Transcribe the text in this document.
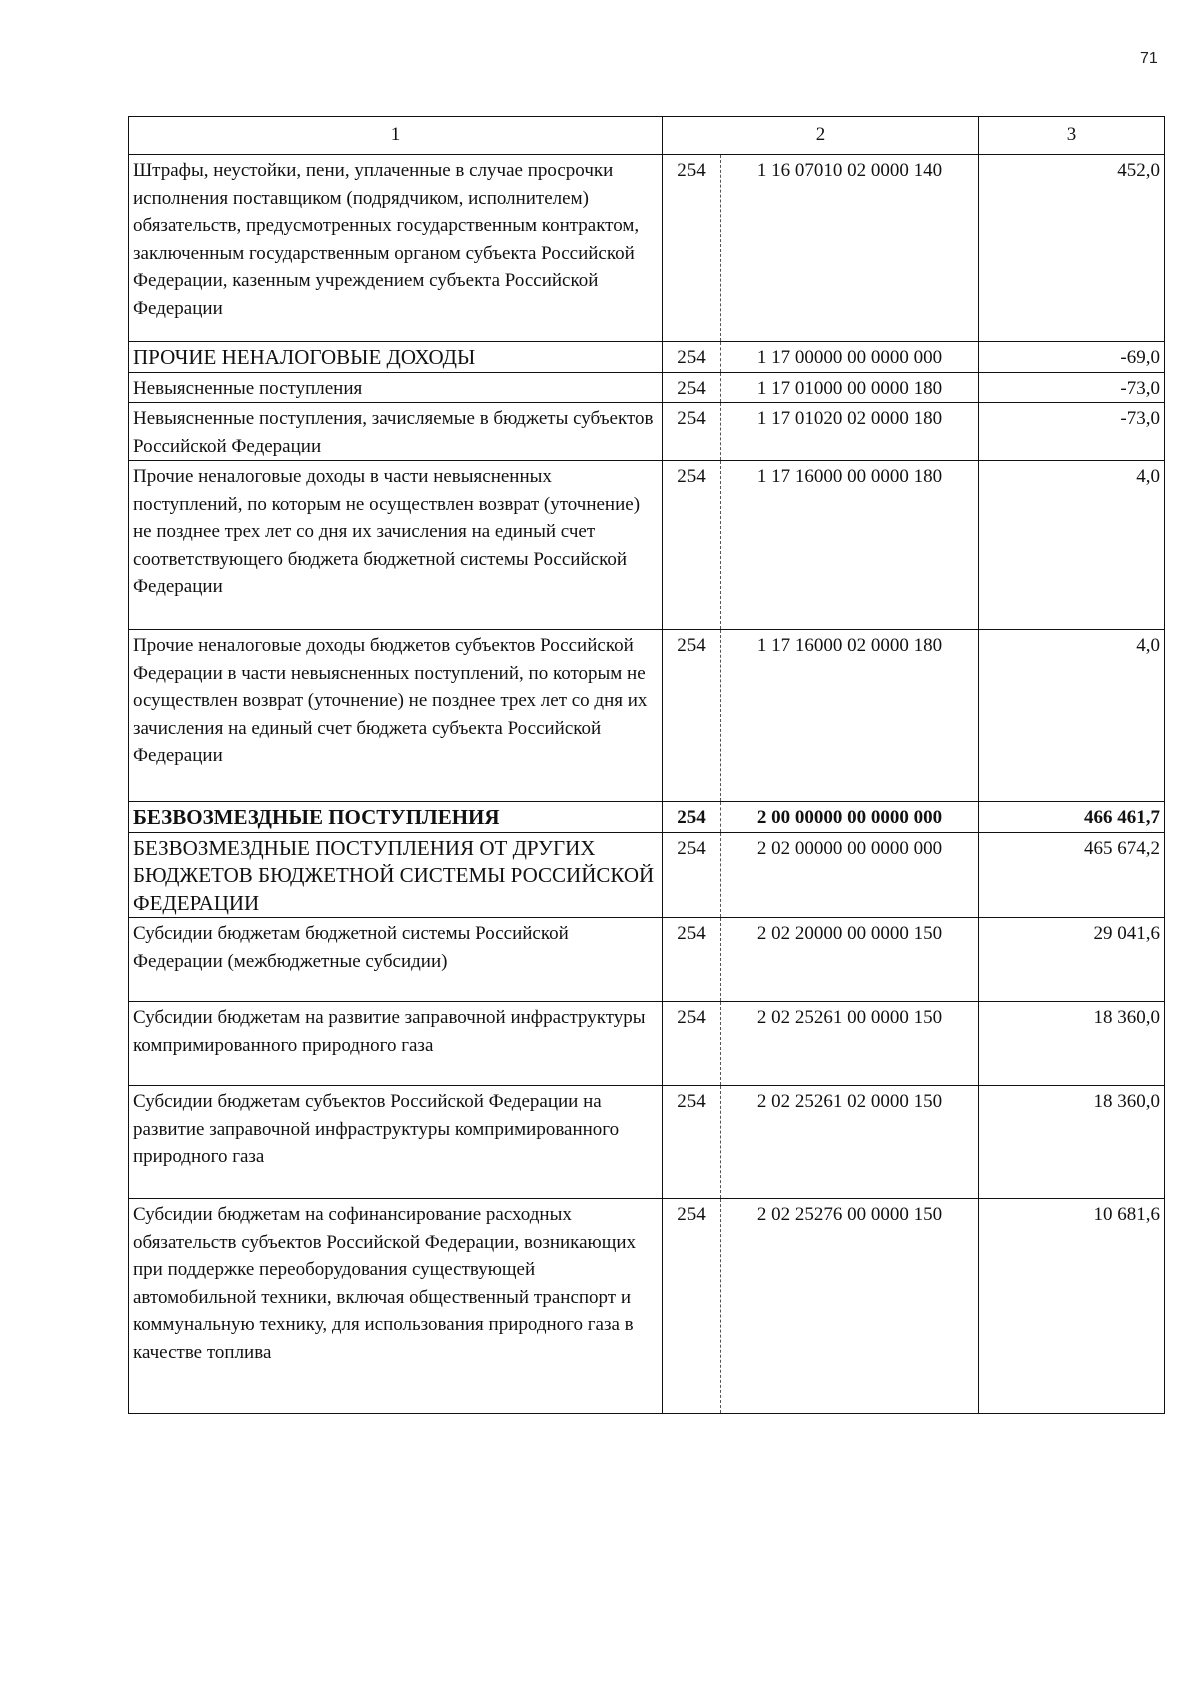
71
1	2		3
Штрафы, неустойки, пени, уплаченные в случае просрочки исполнения поставщиком (подрядчиком, исполнителем) обязательств, предусмотренных государственным контрактом, заключенным государственным органом субъекта Российской Федерации, казенным учреждением субъекта Российской Федерации	254	1 16 07010 02 0000 140	452,0
ПРОЧИЕ НЕНАЛОГОВЫЕ ДОХОДЫ	254	1 17 00000 00 0000 000	-69,0
Невыясненные поступления	254	1 17 01000 00 0000 180	-73,0
Невыясненные поступления, зачисляемые в бюджеты субъектов Российской Федерации	254	1 17 01020 02 0000 180	-73,0
Прочие неналоговые доходы в части невыясненных поступлений, по которым не осуществлен возврат (уточнение) не позднее трех лет со дня их зачисления на единый счет соответствующего бюджета бюджетной системы Российской Федерации	254	1 17 16000 00 0000 180	4,0
Прочие неналоговые доходы бюджетов субъектов Российской Федерации в части невыясненных поступлений, по которым не осуществлен возврат (уточнение) не позднее трех лет со дня их зачисления на единый счет бюджета субъекта Российской Федерации	254	1 17 16000 02 0000 180	4,0
БЕЗВОЗМЕЗДНЫЕ ПОСТУПЛЕНИЯ	254	2 00 00000 00 0000 000	466 461,7
БЕЗВОЗМЕЗДНЫЕ ПОСТУПЛЕНИЯ ОТ ДРУГИХ БЮДЖЕТОВ БЮДЖЕТНОЙ СИСТЕМЫ РОССИЙСКОЙ ФЕДЕРАЦИИ	254	2 02 00000 00 0000 000	465 674,2
Субсидии бюджетам бюджетной системы Российской Федерации (межбюджетные субсидии)	254	2 02 20000 00 0000 150	29 041,6
Субсидии бюджетам на развитие заправочной инфраструктуры компримированного природного газа	254	2 02 25261 00 0000 150	18 360,0
Субсидии бюджетам субъектов Российской Федерации на развитие заправочной инфраструктуры компримированного природного газа	254	2 02 25261 02 0000 150	18 360,0
Субсидии бюджетам на софинансирование расходных обязательств субъектов Российской Федерации, возникающих при поддержке переоборудования существующей автомобильной техники, включая общественный транспорт и коммунальную технику, для использования природного газа в качестве топлива	254	2 02 25276 00 0000 150	10 681,6
